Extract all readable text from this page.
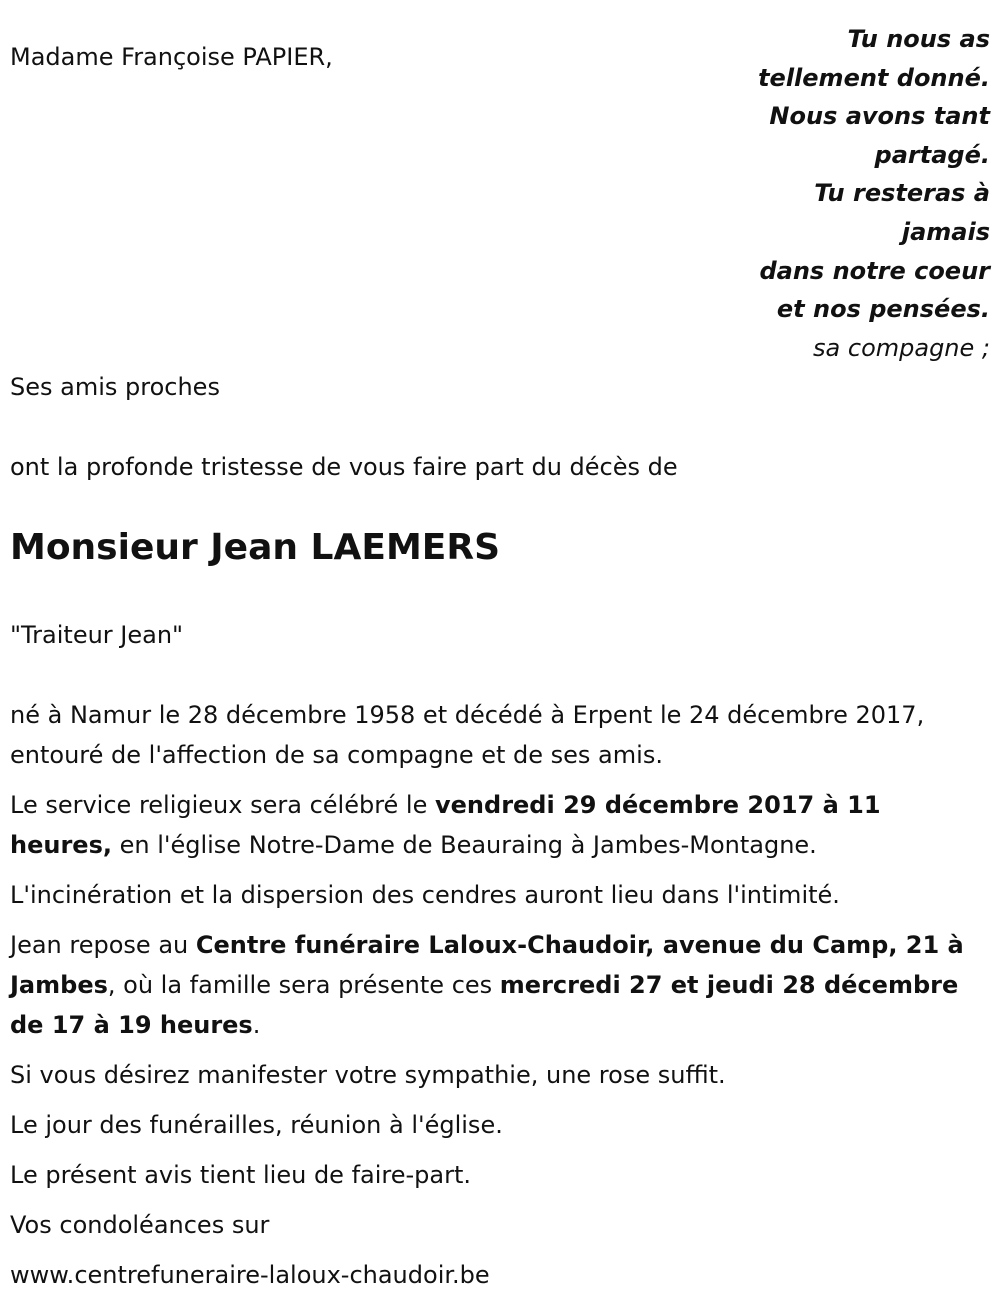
Madame Françoise PAPIER,
Tu nous as
tellement donné.
Nous avons tant
partagé.
Tu resteras à
jamais
dans notre coeur
et nos pensées.
sa compagne ;
Ses amis proches
ont la profonde tristesse de vous faire part du décès de
Monsieur Jean LAEMERS
"Traiteur Jean"

né à Namur le 28 décembre 1958 et décédé à Erpent le 24 décembre 2017, entouré de l'affection de sa compagne et de ses amis.

Le service religieux sera célébré le vendredi 29 décembre 2017 à 11 heures, en l'église Notre-Dame de Beauraing à Jambes-Montagne.

L'incinération et la dispersion des cendres auront lieu dans l'intimité.

Jean repose au Centre funéraire Laloux-Chaudoir, avenue du Camp, 21 à Jambes, où la famille sera présente ces mercredi 27 et jeudi 28 décembre de 17 à 19 heures.

Si vous désirez manifester votre sympathie, une rose suffit.

Le jour des funérailles, réunion à l'église.

Le présent avis tient lieu de faire-part.

Vos condoléances sur

www.centrefuneraire-laloux-chaudoir.be
